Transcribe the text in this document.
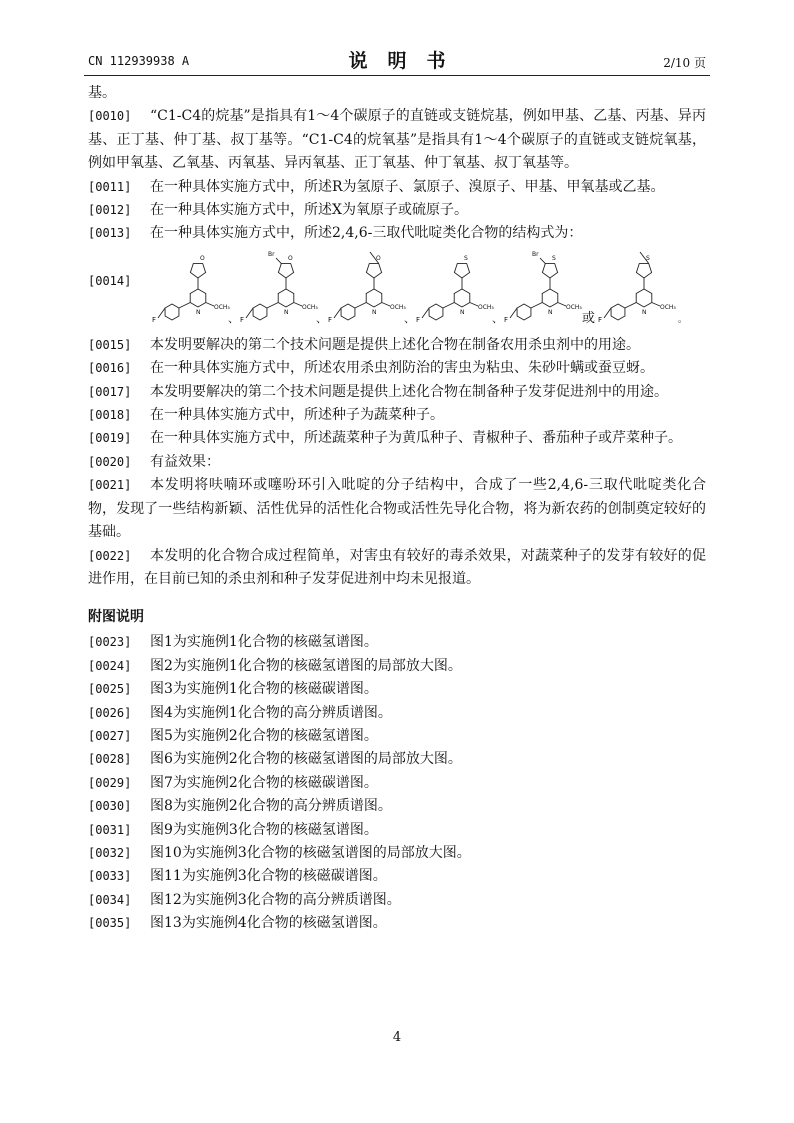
CN 112939938 A	说明书	2/10 页
基。
[0010]	“C1-C4的烷基”是指具有1～4个碳原子的直链或支链烷基，例如甲基、乙基、丙基、异丙基、正丁基、仲丁基、叔丁基等。“C1-C4的烷氧基”是指具有1～4个碳原子的直链或支链烷氧基，例如甲氧基、乙氧基、丙氧基、异丙氧基、正丁氧基、仲丁氧基、叔丁氧基等。
[0011]	在一种具体实施方式中，所述R为氢原子、氯原子、溴原子、甲基、甲氧基或乙基。
[0012]	在一种具体实施方式中，所述X为氧原子或硫原子。
[0013]	在一种具体实施方式中，所述2,4,6-三取代吡啶类化合物的结构式为：
[0014]
F
N
OCH₃
O
、 F
N
OCH₃
O
Br
、 F
N
OCH₃
O
、 F
N
OCH₃
S
、 F
N
OCH₃
S
Br
或 F
N
OCH₃
S
。
[0015]	本发明要解决的第二个技术问题是提供上述化合物在制备农用杀虫剂中的用途。
[0016]	在一种具体实施方式中，所述农用杀虫剂防治的害虫为粘虫、朱砂叶螨或蚕豆蚜。
[0017]	本发明要解决的第二个技术问题是提供上述化合物在制备种子发芽促进剂中的用途。
[0018]	在一种具体实施方式中，所述种子为蔬菜种子。
[0019]	在一种具体实施方式中，所述蔬菜种子为黄瓜种子、青椒种子、番茄种子或芹菜种子。
[0020]	有益效果：
[0021]	本发明将呋喃环或噻吩环引入吡啶的分子结构中，合成了一些2,4,6-三取代吡啶类化合物，发现了一些结构新颖、活性优异的活性化合物或活性先导化合物，将为新农药的创制奠定较好的基础。
[0022]	本发明的化合物合成过程简单，对害虫有较好的毒杀效果，对蔬菜种子的发芽有较好的促进作用，在目前已知的杀虫剂和种子发芽促进剂中均未见报道。
附图说明
[0023]	图1为实施例1化合物的核磁氢谱图。
[0024]	图2为实施例1化合物的核磁氢谱图的局部放大图。
[0025]	图3为实施例1化合物的核磁碳谱图。
[0026]	图4为实施例1化合物的高分辨质谱图。
[0027]	图5为实施例2化合物的核磁氢谱图。
[0028]	图6为实施例2化合物的核磁氢谱图的局部放大图。
[0029]	图7为实施例2化合物的核磁碳谱图。
[0030]	图8为实施例2化合物的高分辨质谱图。
[0031]	图9为实施例3化合物的核磁氢谱图。
[0032]	图10为实施例3化合物的核磁氢谱图的局部放大图。
[0033]	图11为实施例3化合物的核磁碳谱图。
[0034]	图12为实施例3化合物的高分辨质谱图。
[0035]	图13为实施例4化合物的核磁氢谱图。
4
